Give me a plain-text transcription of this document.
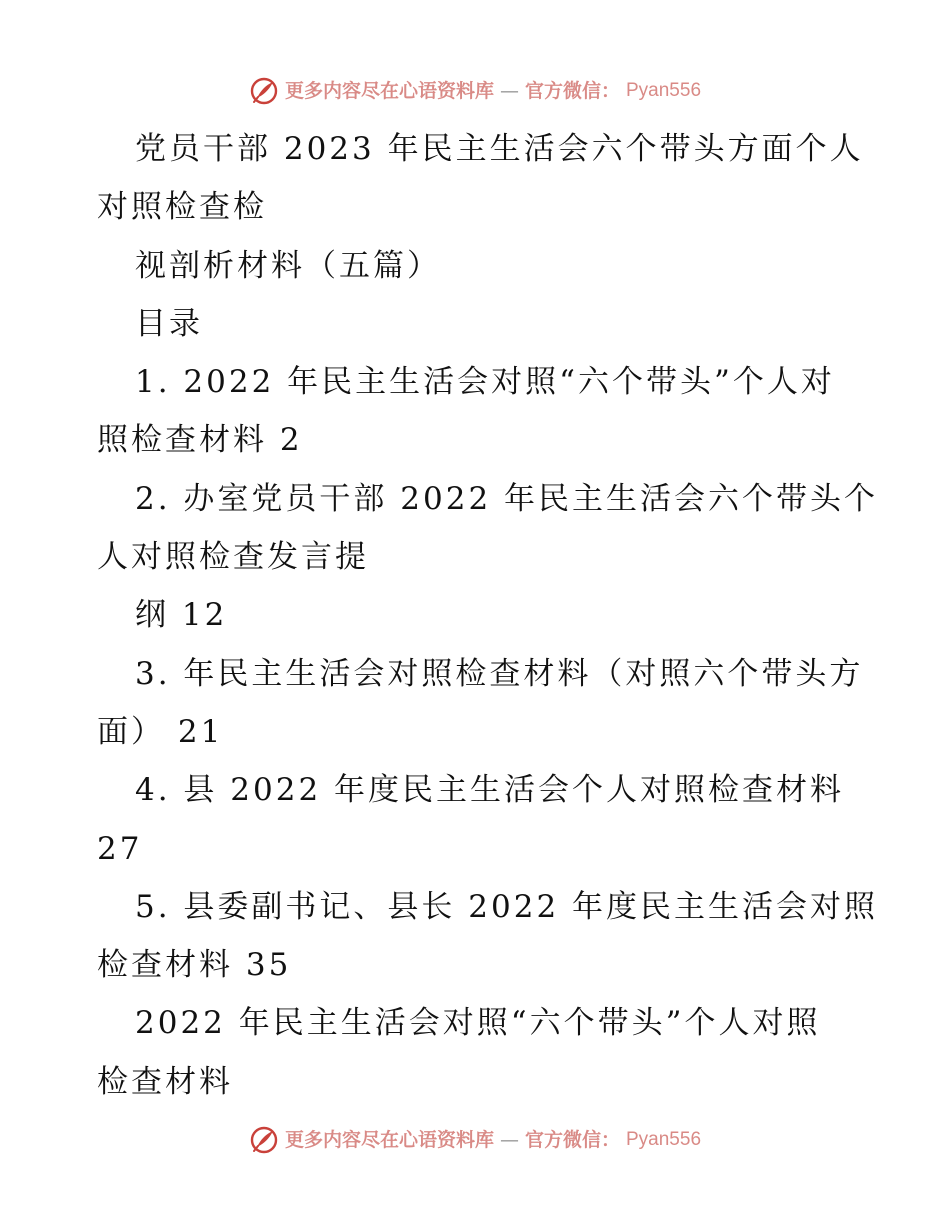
更多内容尽在心语资料库 — 官方微信： Pyan556
党员干部 2023 年民主生活会六个带头方面个人
对照检查检
视剖析材料（五篇）
目录
1. 2022 年民主生活会对照“六个带头”个人对
照检查材料 2
2. 办室党员干部 2022 年民主生活会六个带头个
人对照检查发言提
纲 12
3. 年民主生活会对照检查材料（对照六个带头方
面） 21
4. 县 2022 年度民主生活会个人对照检查材料
27
5. 县委副书记、县长 2022 年度民主生活会对照
检查材料 35
2022 年民主生活会对照“六个带头”个人对照
检查材料
更多内容尽在心语资料库 — 官方微信： Pyan556
